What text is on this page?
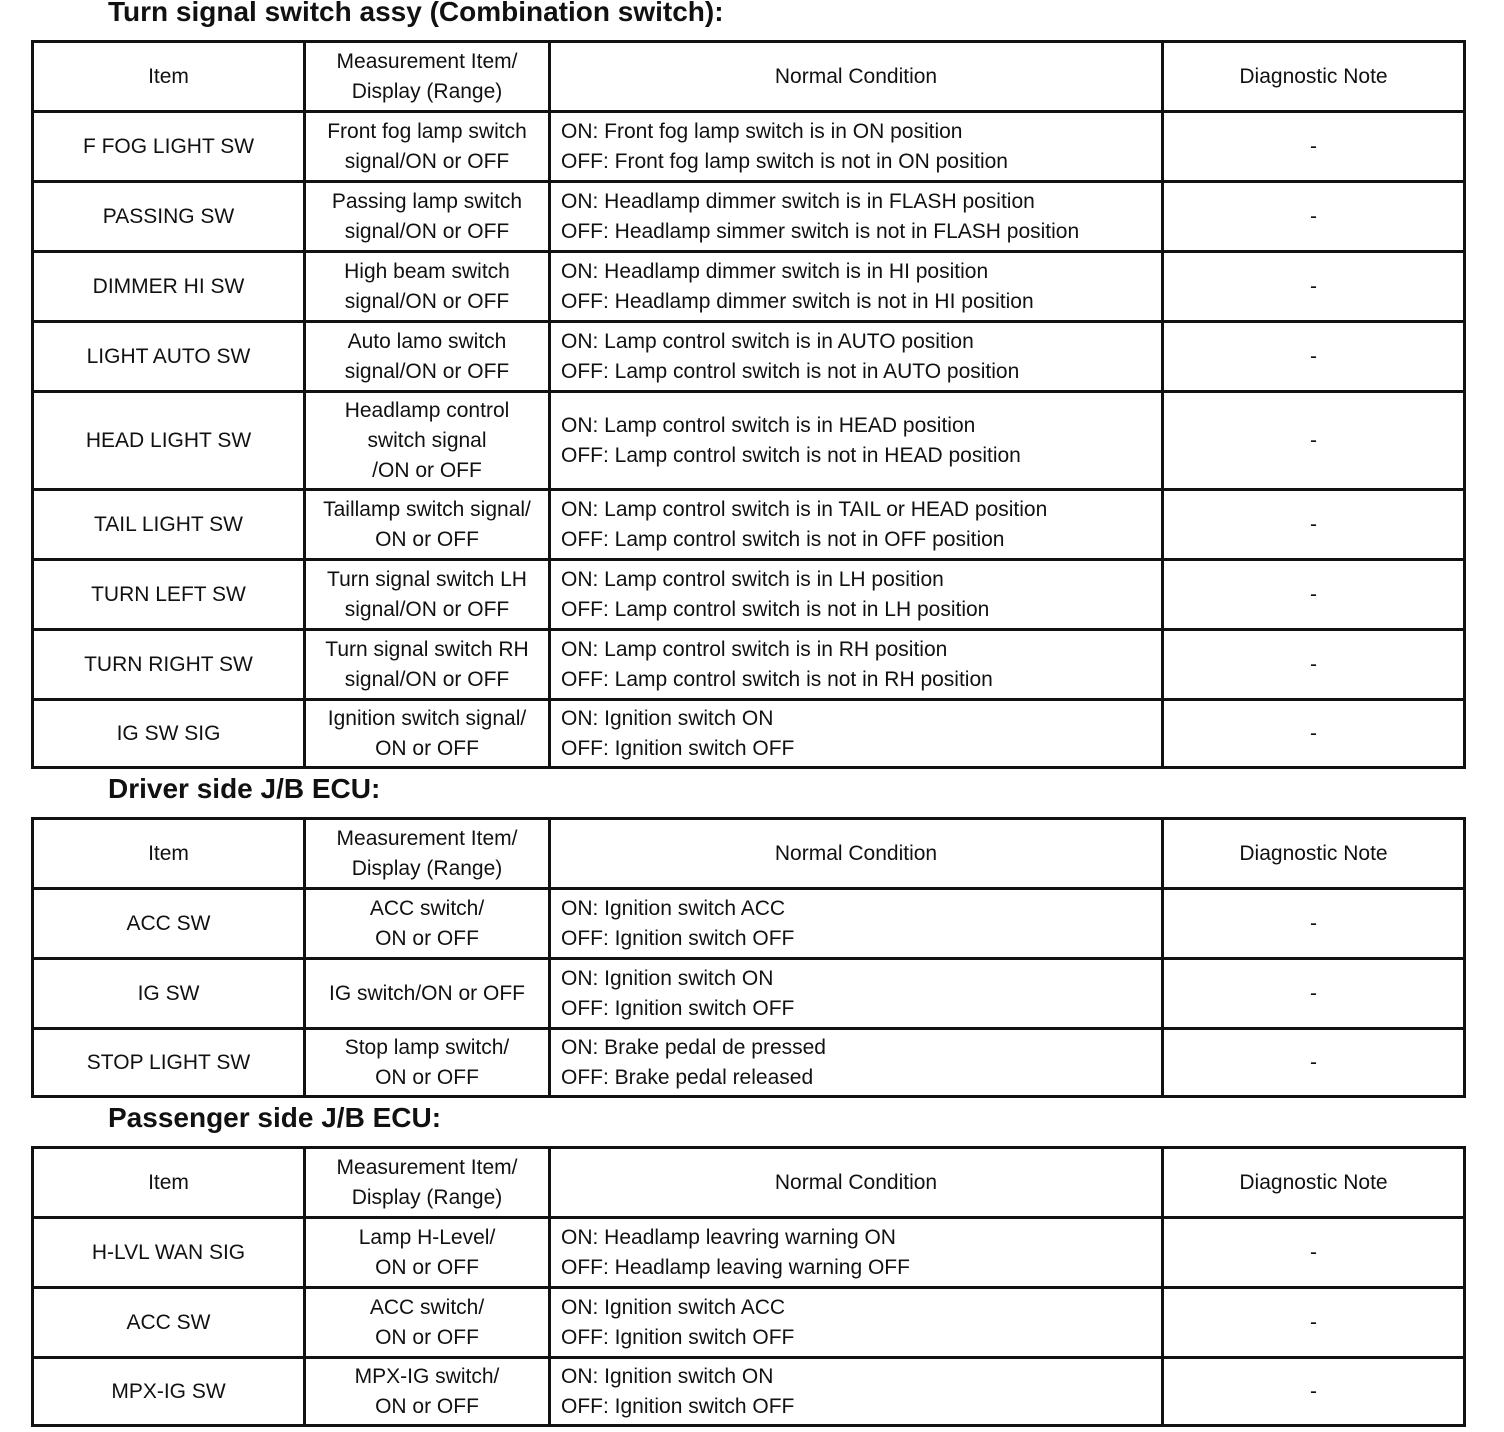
Turn signal switch assy (Combination switch):
Item	Measurement Item/
Display (Range)	Normal Condition	Diagnostic Note
F FOG LIGHT SW	Front fog lamp switch
signal/ON or OFF	ON: Front fog lamp switch is in ON position
OFF: Front fog lamp switch is not in ON position	-
PASSING SW	Passing lamp switch
signal/ON or OFF	ON: Headlamp dimmer switch is in FLASH position
OFF: Headlamp simmer switch is not in FLASH position	-
DIMMER HI SW	High beam switch
signal/ON or OFF	ON: Headlamp dimmer switch is in HI position
OFF: Headlamp dimmer switch is not in HI position	-
LIGHT AUTO SW	Auto lamo switch
signal/ON or OFF	ON: Lamp control switch is in AUTO position
OFF: Lamp control switch is not in AUTO position	-
HEAD LIGHT SW	Headlamp control
switch signal
/ON or OFF	ON: Lamp control switch is in HEAD position
OFF: Lamp control switch is not in HEAD position	-
TAIL LIGHT SW	Taillamp switch signal/
ON or OFF	ON: Lamp control switch is in TAIL or HEAD position
OFF: Lamp control switch is not in OFF position	-
TURN LEFT SW	Turn signal switch LH
signal/ON or OFF	ON: Lamp control switch is in LH position
OFF: Lamp control switch is not in LH position	-
TURN RIGHT SW	Turn signal switch RH
signal/ON or OFF	ON: Lamp control switch is in RH position
OFF: Lamp control switch is not in RH position	-
IG SW SIG	Ignition switch signal/
ON or OFF	ON: Ignition switch ON
OFF: Ignition switch OFF	-
Driver side J/B ECU:
Item	Measurement Item/
Display (Range)	Normal Condition	Diagnostic Note
ACC SW	ACC switch/
ON or OFF	ON: Ignition switch ACC
OFF: Ignition switch OFF	-
IG SW	IG switch/ON or OFF	ON: Ignition switch ON
OFF: Ignition switch OFF	-
STOP LIGHT SW	Stop lamp switch/
ON or OFF	ON: Brake pedal de pressed
OFF: Brake pedal released	-
Passenger side J/B ECU:
Item	Measurement Item/
Display (Range)	Normal Condition	Diagnostic Note
H-LVL WAN SIG	Lamp H-Level/
ON or OFF	ON: Headlamp leavring warning ON
OFF: Headlamp leaving warning OFF	-
ACC SW	ACC switch/
ON or OFF	ON: Ignition switch ACC
OFF: Ignition switch OFF	-
MPX-IG SW	MPX-IG switch/
ON or OFF	ON: Ignition switch ON
OFF: Ignition switch OFF	-
